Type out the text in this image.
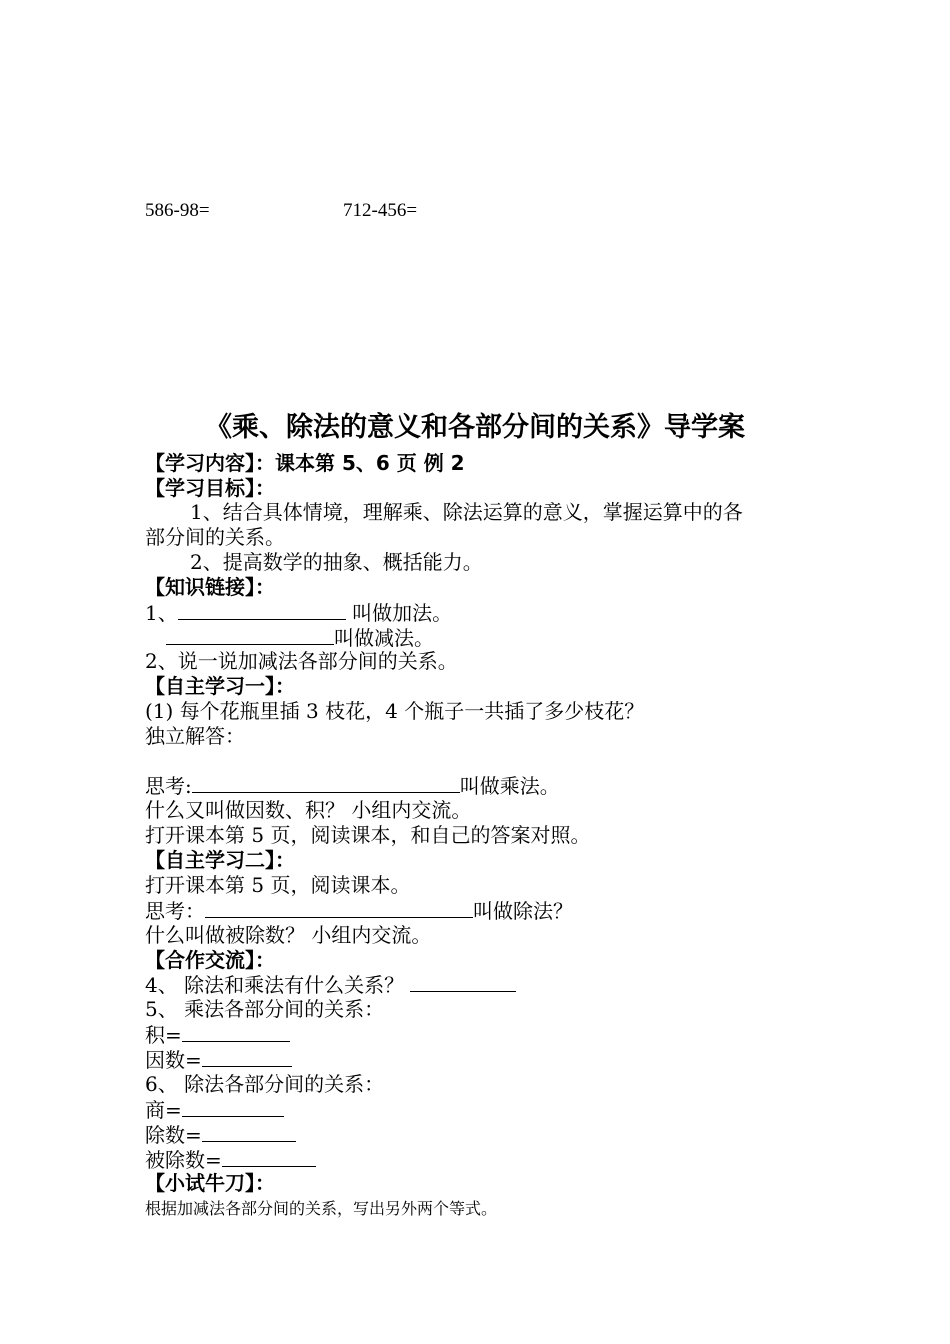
586-98=	712-456=
《乘、除法的意义和各部分间的关系》导学案
【学习内容】：课本第 5、6 页 例 2
【学习目标】：
1、结合具体情境，理解乘、除法运算的意义，掌握运算中的各
部分间的关系。
2、提高数学的抽象、概括能力。
【知识链接】：
1、	叫做加法。
叫做减法。
2、说一说加减法各部分间的关系。
【自主学习一】：
(1) 每个花瓶里插 3 枝花，4 个瓶子一共插了多少枝花？
独立解答：
思考:	叫做乘法。
什么又叫做因数、积？ 小组内交流。
打开课本第 5 页，阅读课本，和自己的答案对照。
【自主学习二】：
打开课本第 5 页，阅读课本。
思考：	叫做除法？
什么叫做被除数？ 小组内交流。
【合作交流】：
4、 除法和乘法有什么关系？
5、 乘法各部分间的关系：
积=
因数=
6、 除法各部分间的关系：
商=
除数=
被除数=
【小试牛刀】：
根据加减法各部分间的关系，写出另外两个等式。
